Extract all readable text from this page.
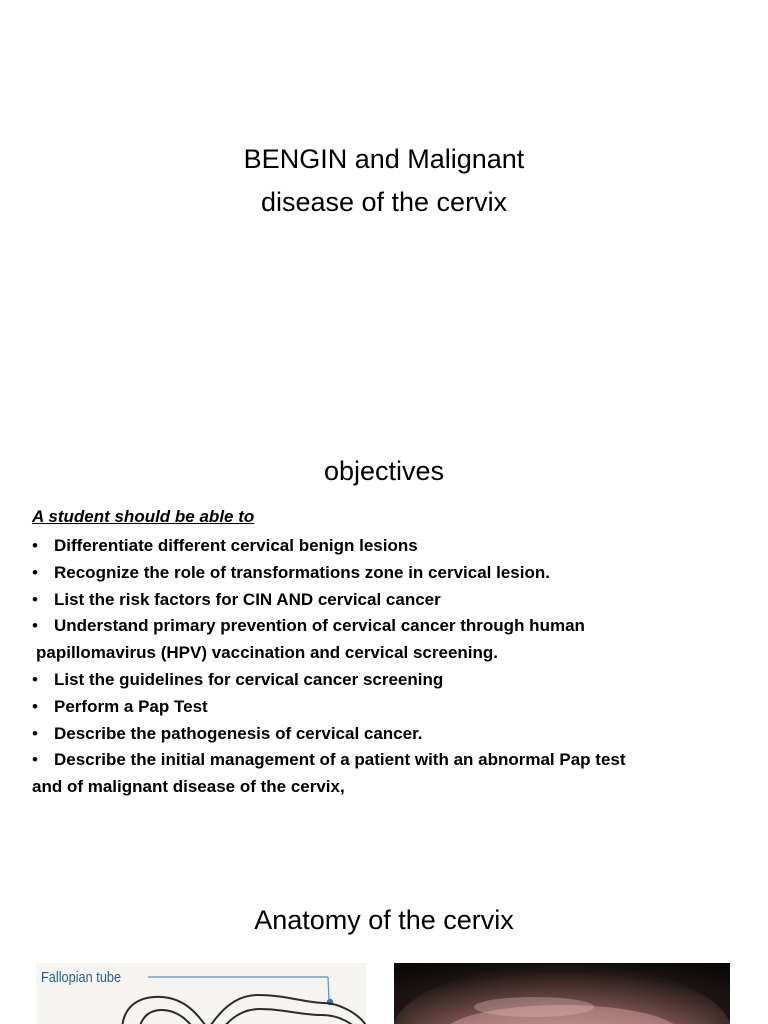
BENGIN and Malignant
disease of the cervix
objectives
A student should be able to
• Differentiate different cervical benign lesions
• Recognize the role of transformations zone in cervical lesion.
• List the risk factors for CIN AND cervical cancer
• Understand primary prevention of cervical cancer through human
papillomavirus (HPV) vaccination and cervical screening.
• List the guidelines for cervical cancer screening
• Perform a Pap Test
• Describe the pathogenesis of cervical cancer.
• Describe the initial management of a patient with an abnormal Pap test
and of malignant disease of the cervix,
Anatomy of the cervix
Fallopian tube
